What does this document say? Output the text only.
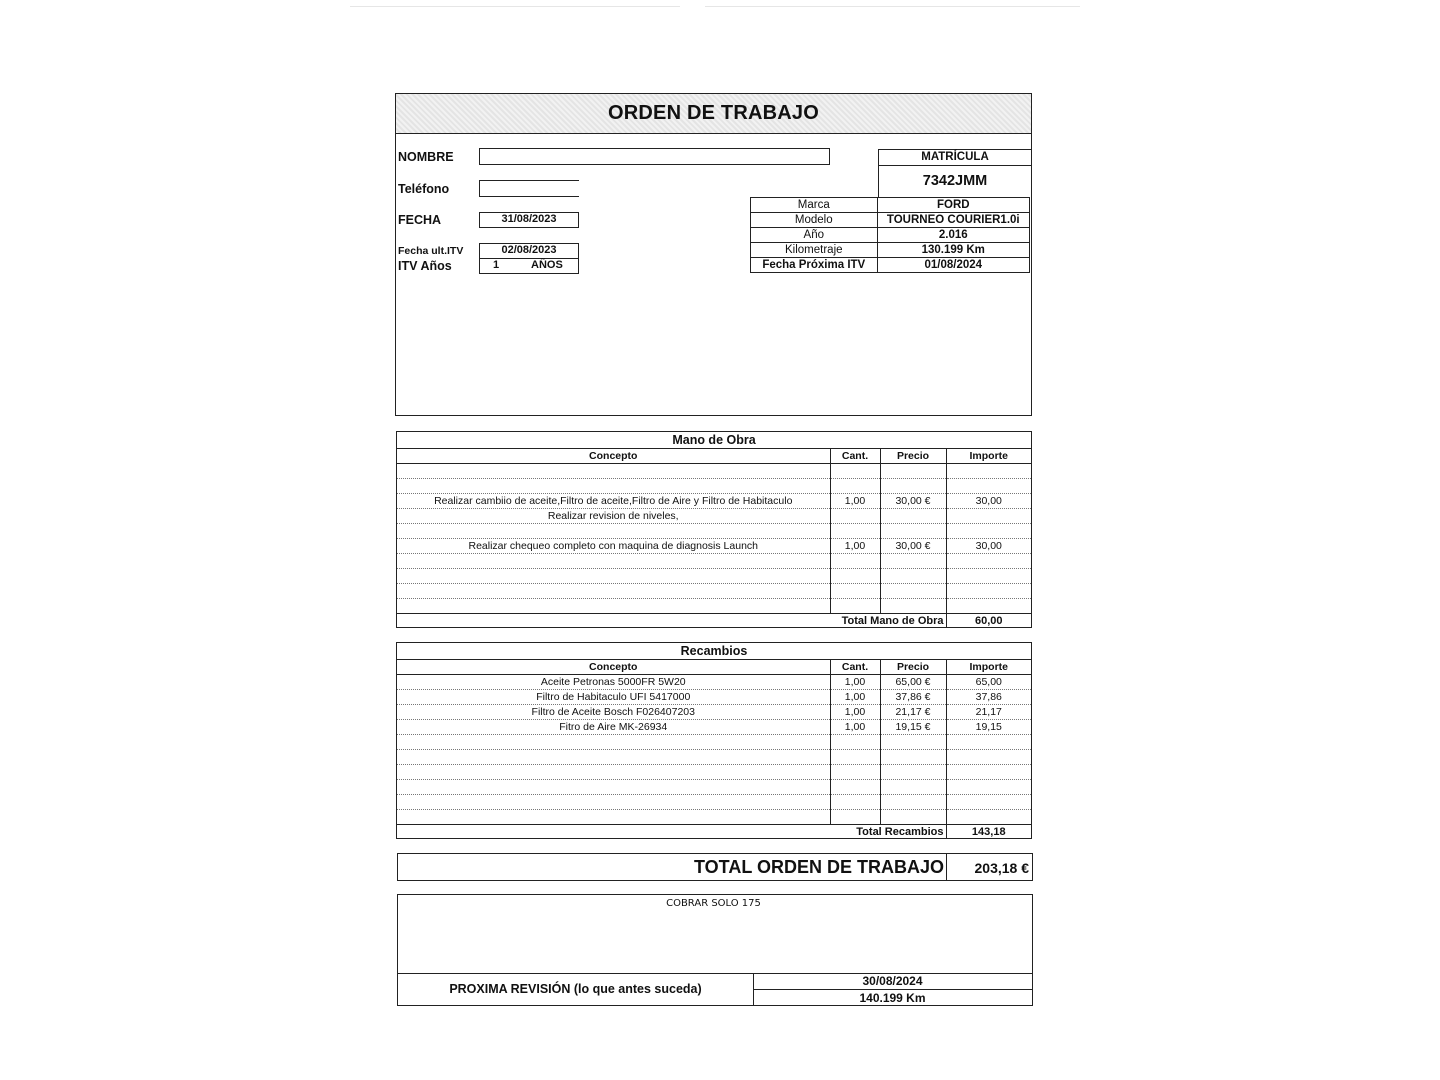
ORDEN DE TRABAJO
NOMBRE
Teléfono
FECHA	31/08/2023
Fecha ult.ITV	02/08/2023
ITV Años	1	AÑOS
MATRÍCULA
7342JMM
Marca	FORD
Modelo	TOURNEO COURIER1.0i
Año	2.016
Kilometraje	130.199 Km
Fecha Próxima ITV	01/08/2024
Mano de Obra
Concepto	Cant.	Precio	Importe

Realizar cambiio de aceite,Filtro de aceite,Filtro de Aire y Filtro de Habitaculo	1,00	30,00 €	30,00
Realizar revision de niveles,			

Realizar chequeo completo con maquina de diagnosis Launch	1,00	30,00 €	30,00

Total Mano de Obra			60,00
Recambios
Concepto	Cant.	Precio	Importe
Aceite Petronas 5000FR 5W20	1,00	65,00 €	65,00
Filtro de Habitaculo UFI 5417000	1,00	37,86 €	37,86
Filtro de Aceite Bosch F026407203	1,00	21,17 €	21,17
Fitro de Aire MK-26934	1,00	19,15 €	19,15

Total Recambios			143,18
TOTAL ORDEN DE TRABAJO 203,18 €
COBRAR SOLO 175
PROXIMA REVISIÓN (lo que antes suceda)
30/08/2024
140.199 Km
